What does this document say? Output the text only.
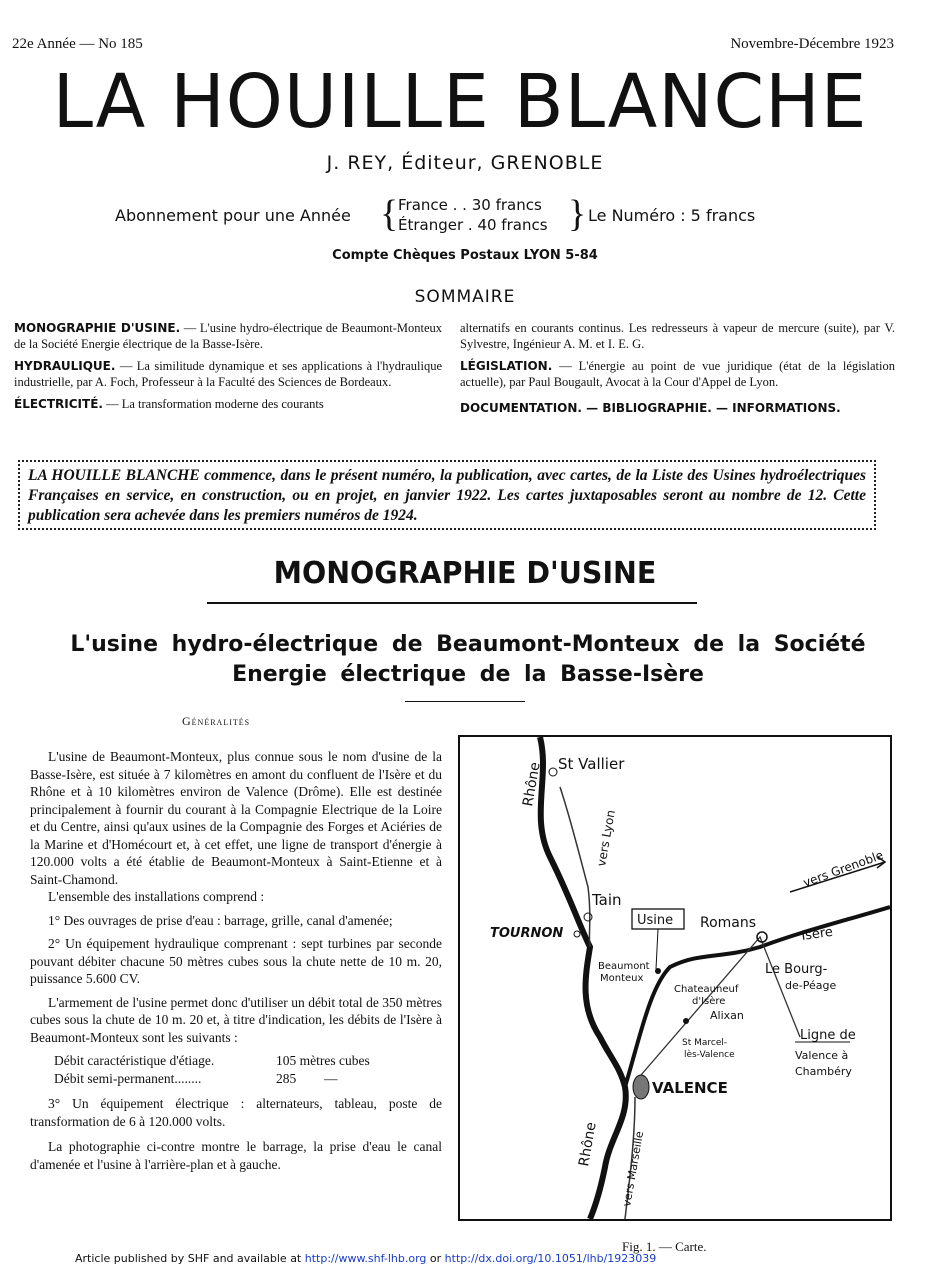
22e Année — No 185	Novembre-Décembre 1923
LA HOUILLE BLANCHE
J. REY, Éditeur, GRENOBLE
Abonnement pour une Année { France . . 30 francs
Étranger . 40 francs } Le Numéro : 5 francs
Compte Chèques Postaux LYON 5-84
SOMMAIRE
MONOGRAPHIE D'USINE. — L'usine hydro-électrique de Beaumont-Monteux de la Société Energie électrique de la Basse-Isère.
HYDRAULIQUE. — La similitude dynamique et ses applications à l'hydraulique industrielle, par A. Foch, Professeur à la Faculté des Sciences de Bordeaux.
ÉLECTRICITÉ. — La transformation moderne des courants
alternatifs en courants continus. Les redresseurs à vapeur de mercure (suite), par V. Sylvestre, Ingénieur A. M. et I. E. G.
LÉGISLATION. — L'énergie au point de vue juridique (état de la législation actuelle), par Paul Bougault, Avocat à la Cour d'Appel de Lyon.
DOCUMENTATION. — BIBLIOGRAPHIE. — INFORMATIONS.
LA HOUILLE BLANCHE commence, dans le présent numéro, la publication, avec cartes, de la Liste des Usines hydroélectriques Françaises en service, en construction, ou en projet, en janvier 1922. Les cartes juxtaposables seront au nombre de 12. Cette publication sera achevée dans les premiers numéros de 1924.
MONOGRAPHIE D'USINE
L'usine hydro-électrique de Beaumont-Monteux de la Société
Energie électrique de la Basse-Isère
Généralités
L'usine de Beaumont-Monteux, plus connue sous le nom d'usine de la Basse-Isère, est située à 7 kilomètres en amont du confluent de l'Isère et du Rhône et à 10 kilomètres environ de Valence (Drôme). Elle est destinée principalement à fournir du courant à la Compagnie Electrique de la Loire et du Centre, ainsi qu'aux usines de la Compagnie des Forges et Aciéries de la Marine et d'Homécourt et, à cet effet, une ligne de transport d'énergie à 120.000 volts a été établie de Beaumont-Monteux à Saint-Etienne et à Saint-Chamond.
L'ensemble des installations comprend :
1° Des ouvrages de prise d'eau : barrage, grille, canal d'amenée;
2° Un équipement hydraulique comprenant : sept turbines par seconde pouvant débiter chacune 50 mètres cubes sous la chute nette de 10 m. 20, puissance 5.600 CV.
L'armement de l'usine permet donc d'utiliser un débit total de 350 mètres cubes sous la chute de 10 m. 20 et, à titre d'indication, les débits de l'Isère à Beaumont-Monteux sont les suivants :
Débit caractéristique d'étiage.	105 mètres cubes
Débit semi-permanent........	285 —
3° Un équipement électrique : alternateurs, tableau, poste de transformation de 6 à 120.000 volts.
La photographie ci-contre montre le barrage, la prise d'eau le canal d'amenée et l'usine à l'arrière-plan et à gauche.
St Vallier
Rhône
vers Lyon
vers Grenoble
Tain
TOURNON
Usine Romans
Isère
Beaumont
Monteux
Le Bourg-
de-Péage
Chateauneuf
d'Isère
Alixan
St Marcel-
lès-Valence
Ligne de
Valence à
Chambéry
VALENCE
Rhône vers Marseille
Fig. 1. — Carte.
Article published by SHF and available at http://www.shf-lhb.org or http://dx.doi.org/10.1051/lhb/1923039
